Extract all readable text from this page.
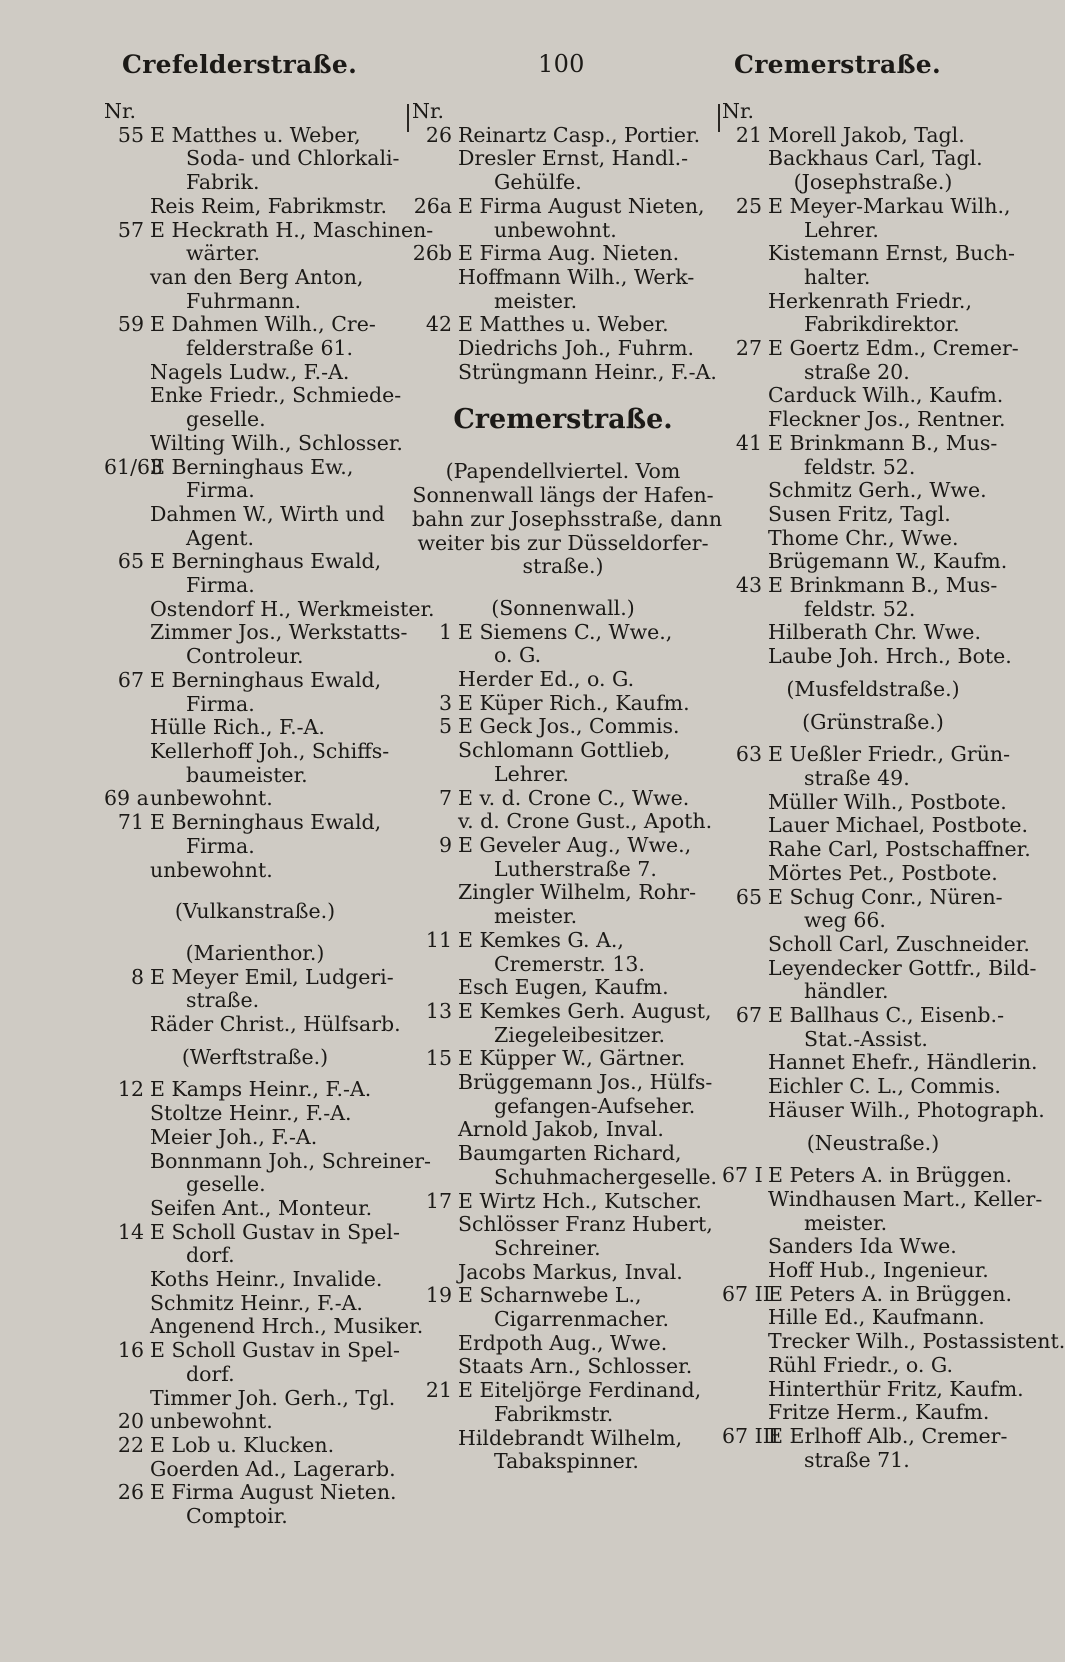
Crefelderstraße.	100	Cremerstraße.
Nr.
55 E Matthes u. Weber,
Soda- und Chlorkali-
Fabrik.
Reis Reim, Fabrikmstr.
57 E Heckrath H., Maschinen-
wärter.
van den Berg Anton,
Fuhrmann.
59 E Dahmen Wilh., Cre-
felderstraße 61.
Nagels Ludw., F.-A.
Enke Friedr., Schmiede-
geselle.
Wilting Wilh., Schlosser.
61/63E Berninghaus Ew.,
Firma.
Dahmen W., Wirth und
Agent.
65 E Berninghaus Ewald,
Firma.
Ostendorf H., Werkmeister.
Zimmer Jos., Werkstatts-
Controleur.
67 E Berninghaus Ewald,
Firma.
Hülle Rich., F.-A.
Kellerhoff Joh., Schiffs-
baumeister.
69 aunbewohnt.
71 E Berninghaus Ewald,
Firma.
unbewohnt.
(Vulkanstraße.)
(Marienthor.)
8 E Meyer Emil, Ludgeri-
straße.
Räder Christ., Hülfsarb.
(Werftstraße.)
12 E Kamps Heinr., F.-A.
Stoltze Heinr., F.-A.
Meier Joh., F.-A.
Bonnmann Joh., Schreiner-
geselle.
Seifen Ant., Monteur.
14 E Scholl Gustav in Spel-
dorf.
Koths Heinr., Invalide.
Schmitz Heinr., F.-A.
Angenend Hrch., Musiker.
16 E Scholl Gustav in Spel-
dorf.
Timmer Joh. Gerh., Tgl.
20 unbewohnt.
22 E Lob u. Klucken.
Goerden Ad., Lagerarb.
26 E Firma August Nieten.
Comptoir.
Nr.
26 Reinartz Casp., Portier.
Dresler Ernst, Handl.-
Gehülfe.
26a E Firma August Nieten,
unbewohnt.
26b E Firma Aug. Nieten.
Hoffmann Wilh., Werk-
meister.
42 E Matthes u. Weber.
Diedrichs Joh., Fuhrm.
Strüngmann Heinr., F.-A.
Cremerstraße.
(Papendellviertel. Vom
Sonnenwall längs der Hafen-
bahn zur Josephsstraße, dann
weiter bis zur Düsseldorfer-
straße.)
(Sonnenwall.)
1 E Siemens C., Wwe.,
o. G.
Herder Ed., o. G.
3 E Küper Rich., Kaufm.
5 E Geck Jos., Commis.
Schlomann Gottlieb,
Lehrer.
7 E v. d. Crone C., Wwe.
v. d. Crone Gust., Apoth.
9 E Geveler Aug., Wwe.,
Lutherstraße 7.
Zingler Wilhelm, Rohr-
meister.
11 E Kemkes G. A.,
Cremerstr. 13.
Esch Eugen, Kaufm.
13 E Kemkes Gerh. August,
Ziegeleibesitzer.
15 E Küpper W., Gärtner.
Brüggemann Jos., Hülfs-
gefangen-Aufseher.
Arnold Jakob, Inval.
Baumgarten Richard,
Schuhmachergeselle.
17 E Wirtz Hch., Kutscher.
Schlösser Franz Hubert,
Schreiner.
Jacobs Markus, Inval.
19 E Scharnwebe L.,
Cigarrenmacher.
Erdpoth Aug., Wwe.
Staats Arn., Schlosser.
21 E Eiteljörge Ferdinand,
Fabrikmstr.
Hildebrandt Wilhelm,
Tabakspinner.
Nr.
21 Morell Jakob, Tagl.
Backhaus Carl, Tagl.
(Josephstraße.)
25 E Meyer-Markau Wilh.,
Lehrer.
Kistemann Ernst, Buch-
halter.
Herkenrath Friedr.,
Fabrikdirektor.
27 E Goertz Edm., Cremer-
straße 20.
Carduck Wilh., Kaufm.
Fleckner Jos., Rentner.
41 E Brinkmann B., Mus-
feldstr. 52.
Schmitz Gerh., Wwe.
Susen Fritz, Tagl.
Thome Chr., Wwe.
Brügemann W., Kaufm.
43 E Brinkmann B., Mus-
feldstr. 52.
Hilberath Chr. Wwe.
Laube Joh. Hrch., Bote.
(Musfeldstraße.)
(Grünstraße.)
63 E Ueßler Friedr., Grün-
straße 49.
Müller Wilh., Postbote.
Lauer Michael, Postbote.
Rahe Carl, Postschaffner.
Mörtes Pet., Postbote.
65 E Schug Conr., Nüren-
weg 66.
Scholl Carl, Zuschneider.
Leyendecker Gottfr., Bild-
händler.
67 E Ballhaus C., Eisenb.-
Stat.-Assist.
Hannet Ehefr., Händlerin.
Eichler C. L., Commis.
Häuser Wilh., Photograph.
(Neustraße.)
67 I E Peters A. in Brüggen.
Windhausen Mart., Keller-
meister.
Sanders Ida Wwe.
Hoff Hub., Ingenieur.
67 IIE Peters A. in Brüggen.
Hille Ed., Kaufmann.
Trecker Wilh., Postassistent.
Rühl Friedr., o. G.
Hinterthür Fritz, Kaufm.
Fritze Herm., Kaufm.
67 IIIE Erlhoff Alb., Cremer-
straße 71.
